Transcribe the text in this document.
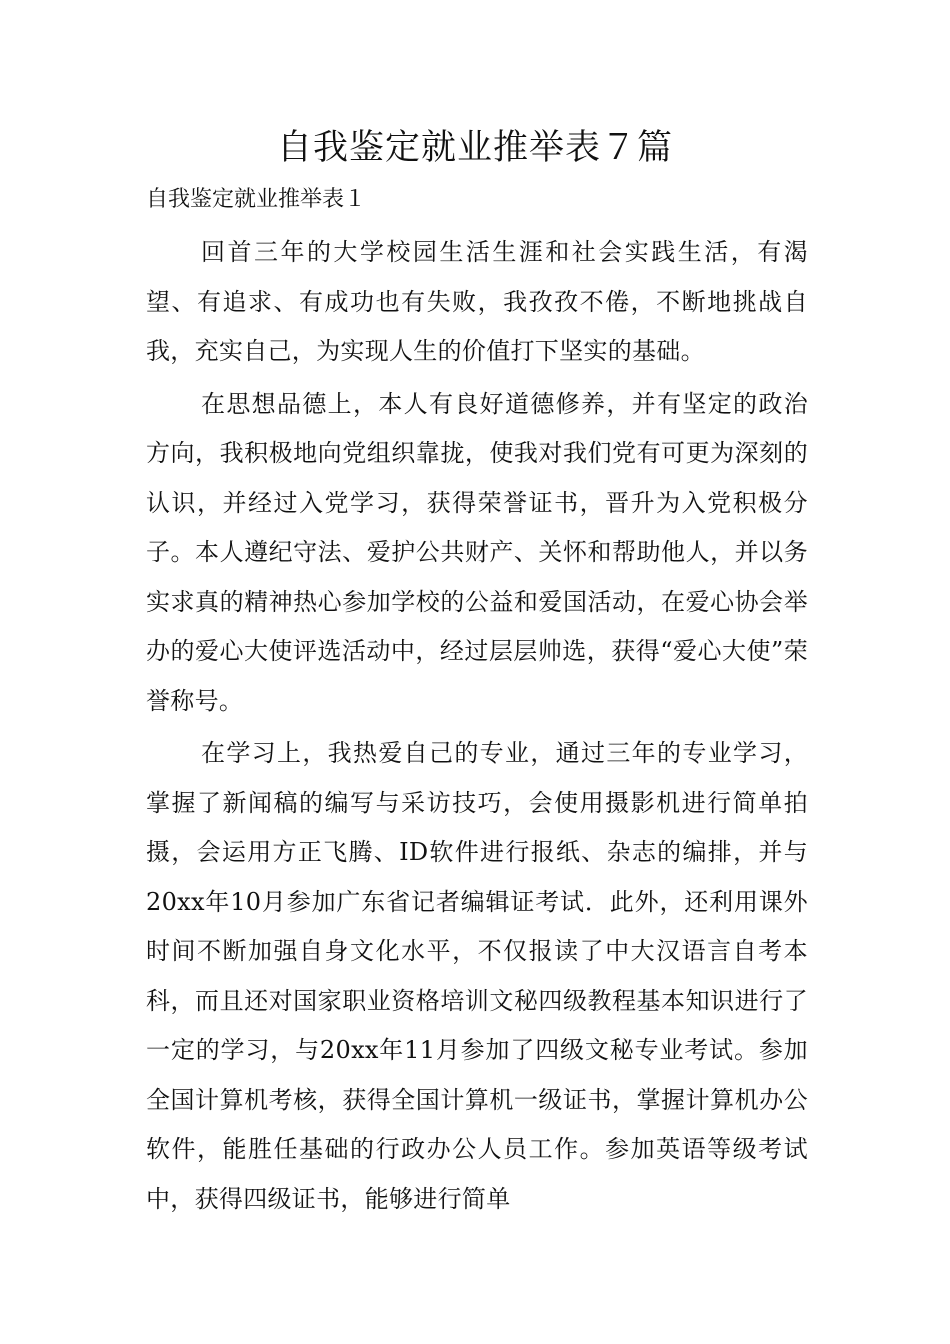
自我鉴定就业推举表７篇

自我鉴定就业推举表１

回首三年的大学校园生活生涯和社会实践生活，有渴望、有追求、有成功也有失败，我孜孜不倦，不断地挑战自我，充实自己，为实现人生的价值打下坚实的基础。

在思想品德上，本人有良好道德修养，并有坚定的政治方向，我积极地向党组织靠拢，使我对我们党有可更为深刻的认识，并经过入党学习，获得荣誉证书，晋升为入党积极分子。本人遵纪守法、爱护公共财产、关怀和帮助他人，并以务实求真的精神热心参加学校的公益和爱国活动，在爱心协会举办的爱心大使评选活动中，经过层层帅选，获得“爱心大使”荣誉称号。

在学习上，我热爱自己的专业，通过三年的专业学习，掌握了新闻稿的编写与采访技巧，会使用摄影机进行简单拍摄，会运用方正飞腾、ID软件进行报纸、杂志的编排，并与20xx年10月参加广东省记者编辑证考试．此外，还利用课外时间不断加强自身文化水平，不仅报读了中大汉语言自考本科，而且还对国家职业资格培训文秘四级教程基本知识进行了一定的学习，与20xx年11月参加了四级文秘专业考试。参加全国计算机考核，获得全国计算机一级证书，掌握计算机办公软件，能胜任基础的行政办公人员工作。参加英语等级考试中，获得四级证书，能够进行简单
